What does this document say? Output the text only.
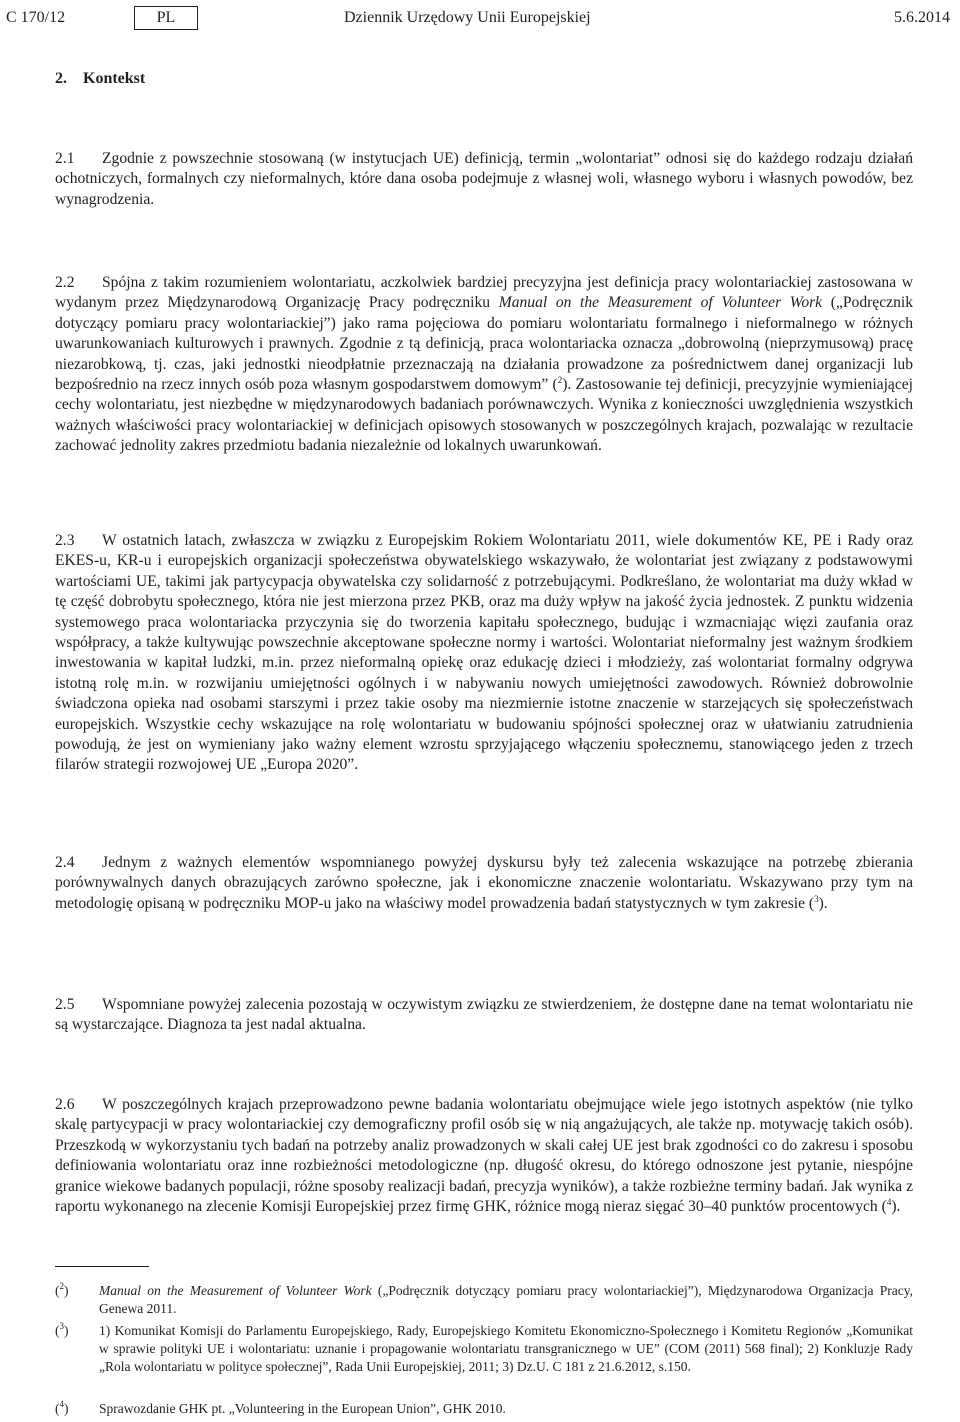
C 170/12	PL	Dziennik Urzędowy Unii Europejskiej	5.6.2014
2. Kontekst
2.1 Zgodnie z powszechnie stosowaną (w instytucjach UE) definicją, termin „wolontariat” odnosi się do każdego rodzaju działań ochotniczych, formalnych czy nieformalnych, które dana osoba podejmuje z własnej woli, własnego wyboru i własnych powodów, bez wynagrodzenia.
2.2 Spójna z takim rozumieniem wolontariatu, aczkolwiek bardziej precyzyjna jest definicja pracy wolontariackiej zastosowana w wydanym przez Międzynarodową Organizację Pracy podręczniku Manual on the Measurement of Volunteer Work („Podręcznik dotyczący pomiaru pracy wolontariackiej”) jako rama pojęciowa do pomiaru wolontariatu formalnego i nieformalnego w różnych uwarunkowaniach kulturowych i prawnych. Zgodnie z tą definicją, praca wolontariacka oznacza „dobrowolną (nieprzymusową) pracę niezarobkową, tj. czas, jaki jednostki nieodpłatnie przeznaczają na działania prowadzone za pośrednictwem danej organizacji lub bezpośrednio na rzecz innych osób poza własnym gospodarstwem domowym” ($^2$). Zastosowanie tej definicji, precyzyjnie wymieniającej cechy wolontariatu, jest niezbędne w międzynarodowych badaniach porównawczych. Wynika z konieczności uwzględnienia wszystkich ważnych właściwości pracy wolontariackiej w definicjach opisowych stosowanych w poszczególnych krajach, pozwalając w rezultacie zachować jednolity zakres przedmiotu badania niezależnie od lokalnych uwarunkowań.
2.3 W ostatnich latach, zwłaszcza w związku z Europejskim Rokiem Wolontariatu 2011, wiele dokumentów KE, PE i Rady oraz EKES-u, KR-u i europejskich organizacji społeczeństwa obywatelskiego wskazywało, że wolontariat jest związany z podstawowymi wartościami UE, takimi jak partycypacja obywatelska czy solidarność z potrzebującymi. Podkreślano, że wolontariat ma duży wkład w tę część dobrobytu społecznego, która nie jest mierzona przez PKB, oraz ma duży wpływ na jakość życia jednostek. Z punktu widzenia systemowego praca wolontariacka przyczynia się do tworzenia kapitału społecznego, budując i wzmacniając więzi zaufania oraz współpracy, a także kultywując powszechnie akceptowane społeczne normy i wartości. Wolontariat nieformalny jest ważnym środkiem inwestowania w kapitał ludzki, m.in. przez nieformalną opiekę oraz edukację dzieci i młodzieży, zaś wolontariat formalny odgrywa istotną rolę m.in. w rozwijaniu umiejętności ogólnych i w nabywaniu nowych umiejętności zawodowych. Również dobrowolnie świadczona opieka nad osobami starszymi i przez takie osoby ma niezmiernie istotne znaczenie w starzejących się społeczeństwach europejskich. Wszystkie cechy wskazujące na rolę wolontariatu w budowaniu spójności społecznej oraz w ułatwianiu zatrudnienia powodują, że jest on wymieniany jako ważny element wzrostu sprzyjającego włączeniu społecznemu, stanowiącego jeden z trzech filarów strategii rozwojowej UE „Europa 2020”.
2.4 Jednym z ważnych elementów wspomnianego powyżej dyskursu były też zalecenia wskazujące na potrzebę zbierania porównywalnych danych obrazujących zarówno społeczne, jak i ekonomiczne znaczenie wolontariatu. Wskazywano przy tym na metodologię opisaną w podręczniku MOP-u jako na właściwy model prowadzenia badań statystycznych w tym zakresie ($^3$).
2.5 Wspomniane powyżej zalecenia pozostają w oczywistym związku ze stwierdzeniem, że dostępne dane na temat wolontariatu nie są wystarczające. Diagnoza ta jest nadal aktualna.
2.6 W poszczególnych krajach przeprowadzono pewne badania wolontariatu obejmujące wiele jego istotnych aspektów (nie tylko skalę partycypacji w pracy wolontariackiej czy demograficzny profil osób się w nią angażujących, ale także np. motywację takich osób). Przeszkodą w wykorzystaniu tych badań na potrzeby analiz prowadzonych w skali całej UE jest brak zgodności co do zakresu i sposobu definiowania wolontariatu oraz inne rozbieżności metodologiczne (np. długość okresu, do którego odnoszone jest pytanie, niespójne granice wiekowe badanych populacji, różne sposoby realizacji badań, precyzja wyników), a także rozbieżne terminy badań. Jak wynika z raportu wykonanego na zlecenie Komisji Europejskiej przez firmę GHK, różnice mogą nieraz sięgać 30–40 punktów procentowych ($^4$).
($^2$) Manual on the Measurement of Volunteer Work („Podręcznik dotyczący pomiaru pracy wolontariackiej”), Międzynarodowa Organizacja Pracy, Genewa 2011.
($^3$) 1) Komunikat Komisji do Parlamentu Europejskiego, Rady, Europejskiego Komitetu Ekonomiczno-Społecznego i Komitetu Regionów „Komunikat w sprawie polityki UE i wolontariatu: uznanie i propagowanie wolontariatu transgranicznego w UE” (COM (2011) 568 final); 2) Konkluzje Rady „Rola wolontariatu w polityce społecznej”, Rada Unii Europejskiej, 2011; 3) Dz.U. C 181 z 21.6.2012, s.150.
($^4$) Sprawozdanie GHK pt. „Volunteering in the European Union”, GHK 2010.
